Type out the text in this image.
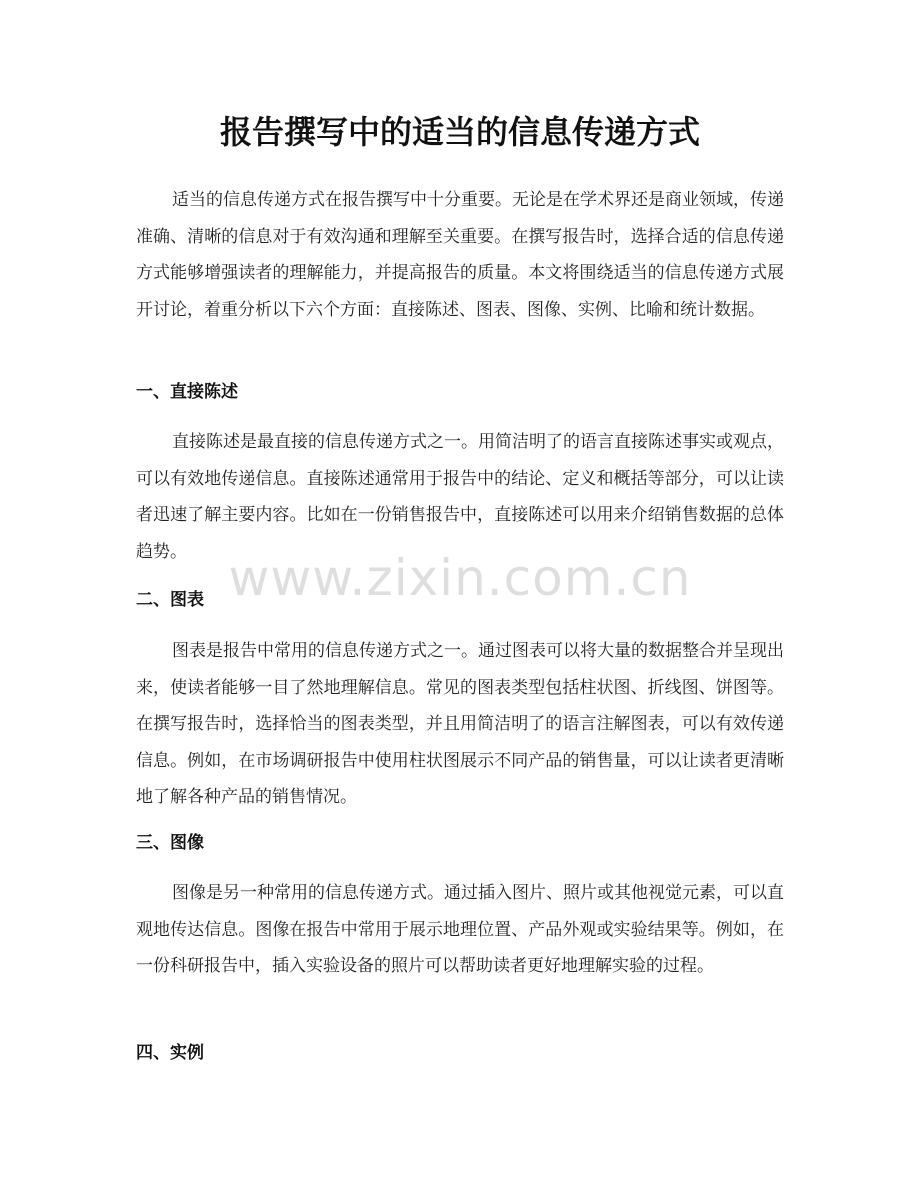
报告撰写中的适当的信息传递方式

适当的信息传递方式在报告撰写中十分重要。无论是在学术界还是商业领域，传递准确、清晰的信息对于有效沟通和理解至关重要。在撰写报告时，选择合适的信息传递方式能够增强读者的理解能力，并提高报告的质量。本文将围绕适当的信息传递方式展开讨论，着重分析以下六个方面：直接陈述、图表、图像、实例、比喻和统计数据。

一、直接陈述

直接陈述是最直接的信息传递方式之一。用简洁明了的语言直接陈述事实或观点，可以有效地传递信息。直接陈述通常用于报告中的结论、定义和概括等部分，可以让读者迅速了解主要内容。比如在一份销售报告中，直接陈述可以用来介绍销售数据的总体趋势。

二、图表

图表是报告中常用的信息传递方式之一。通过图表可以将大量的数据整合并呈现出来，使读者能够一目了然地理解信息。常见的图表类型包括柱状图、折线图、饼图等。在撰写报告时，选择恰当的图表类型，并且用简洁明了的语言注解图表，可以有效传递信息。例如，在市场调研报告中使用柱状图展示不同产品的销售量，可以让读者更清晰地了解各种产品的销售情况。

三、图像

图像是另一种常用的信息传递方式。通过插入图片、照片或其他视觉元素，可以直观地传达信息。图像在报告中常用于展示地理位置、产品外观或实验结果等。例如，在一份科研报告中，插入实验设备的照片可以帮助读者更好地理解实验的过程。

四、实例
www.zixin.com.cn
